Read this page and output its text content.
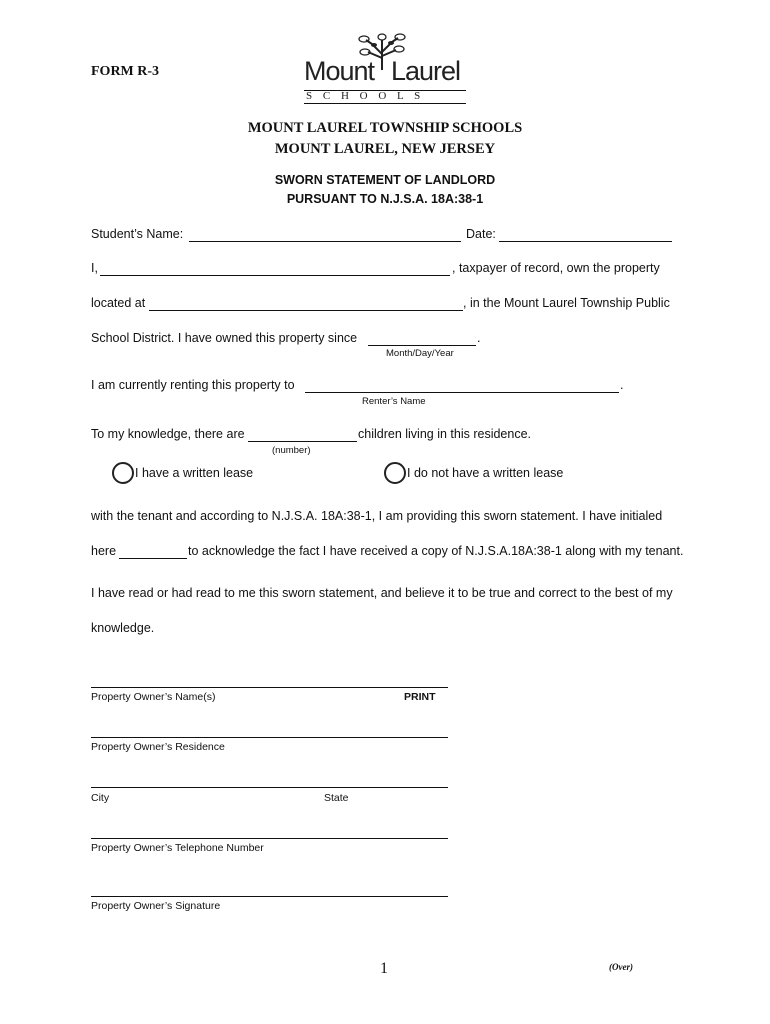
FORM R-3	Mount Laurel
S C H O O L S
MOUNT LAUREL TOWNSHIP SCHOOLS
MOUNT LAUREL, NEW JERSEY
SWORN STATEMENT OF LANDLORD
PURSUANT TO N.J.S.A. 18A:38-1
Student’s Name:	Date:
I,	, taxpayer of record, own the property
located at	, in the Mount Laurel Township Public
School District. I have owned this property since	.
Month/Day/Year
I am currently renting this property to	.
Renter’s Name
To my knowledge, there are	children living in this residence.
(number)
I have a written lease	I do not have a written lease
with the tenant and according to N.J.S.A. 18A:38-1, I am providing this sworn statement. I have initialed
here	to acknowledge the fact I have received a copy of N.J.S.A.18A:38-1 along with my tenant.
I have read or had read to me this sworn statement, and believe it to be true and correct to the best of my
knowledge.
Property Owner’s Name(s)	PRINT
Property Owner’s Residence
City	State
Property Owner’s Telephone Number
Property Owner’s Signature
1	(Over)
